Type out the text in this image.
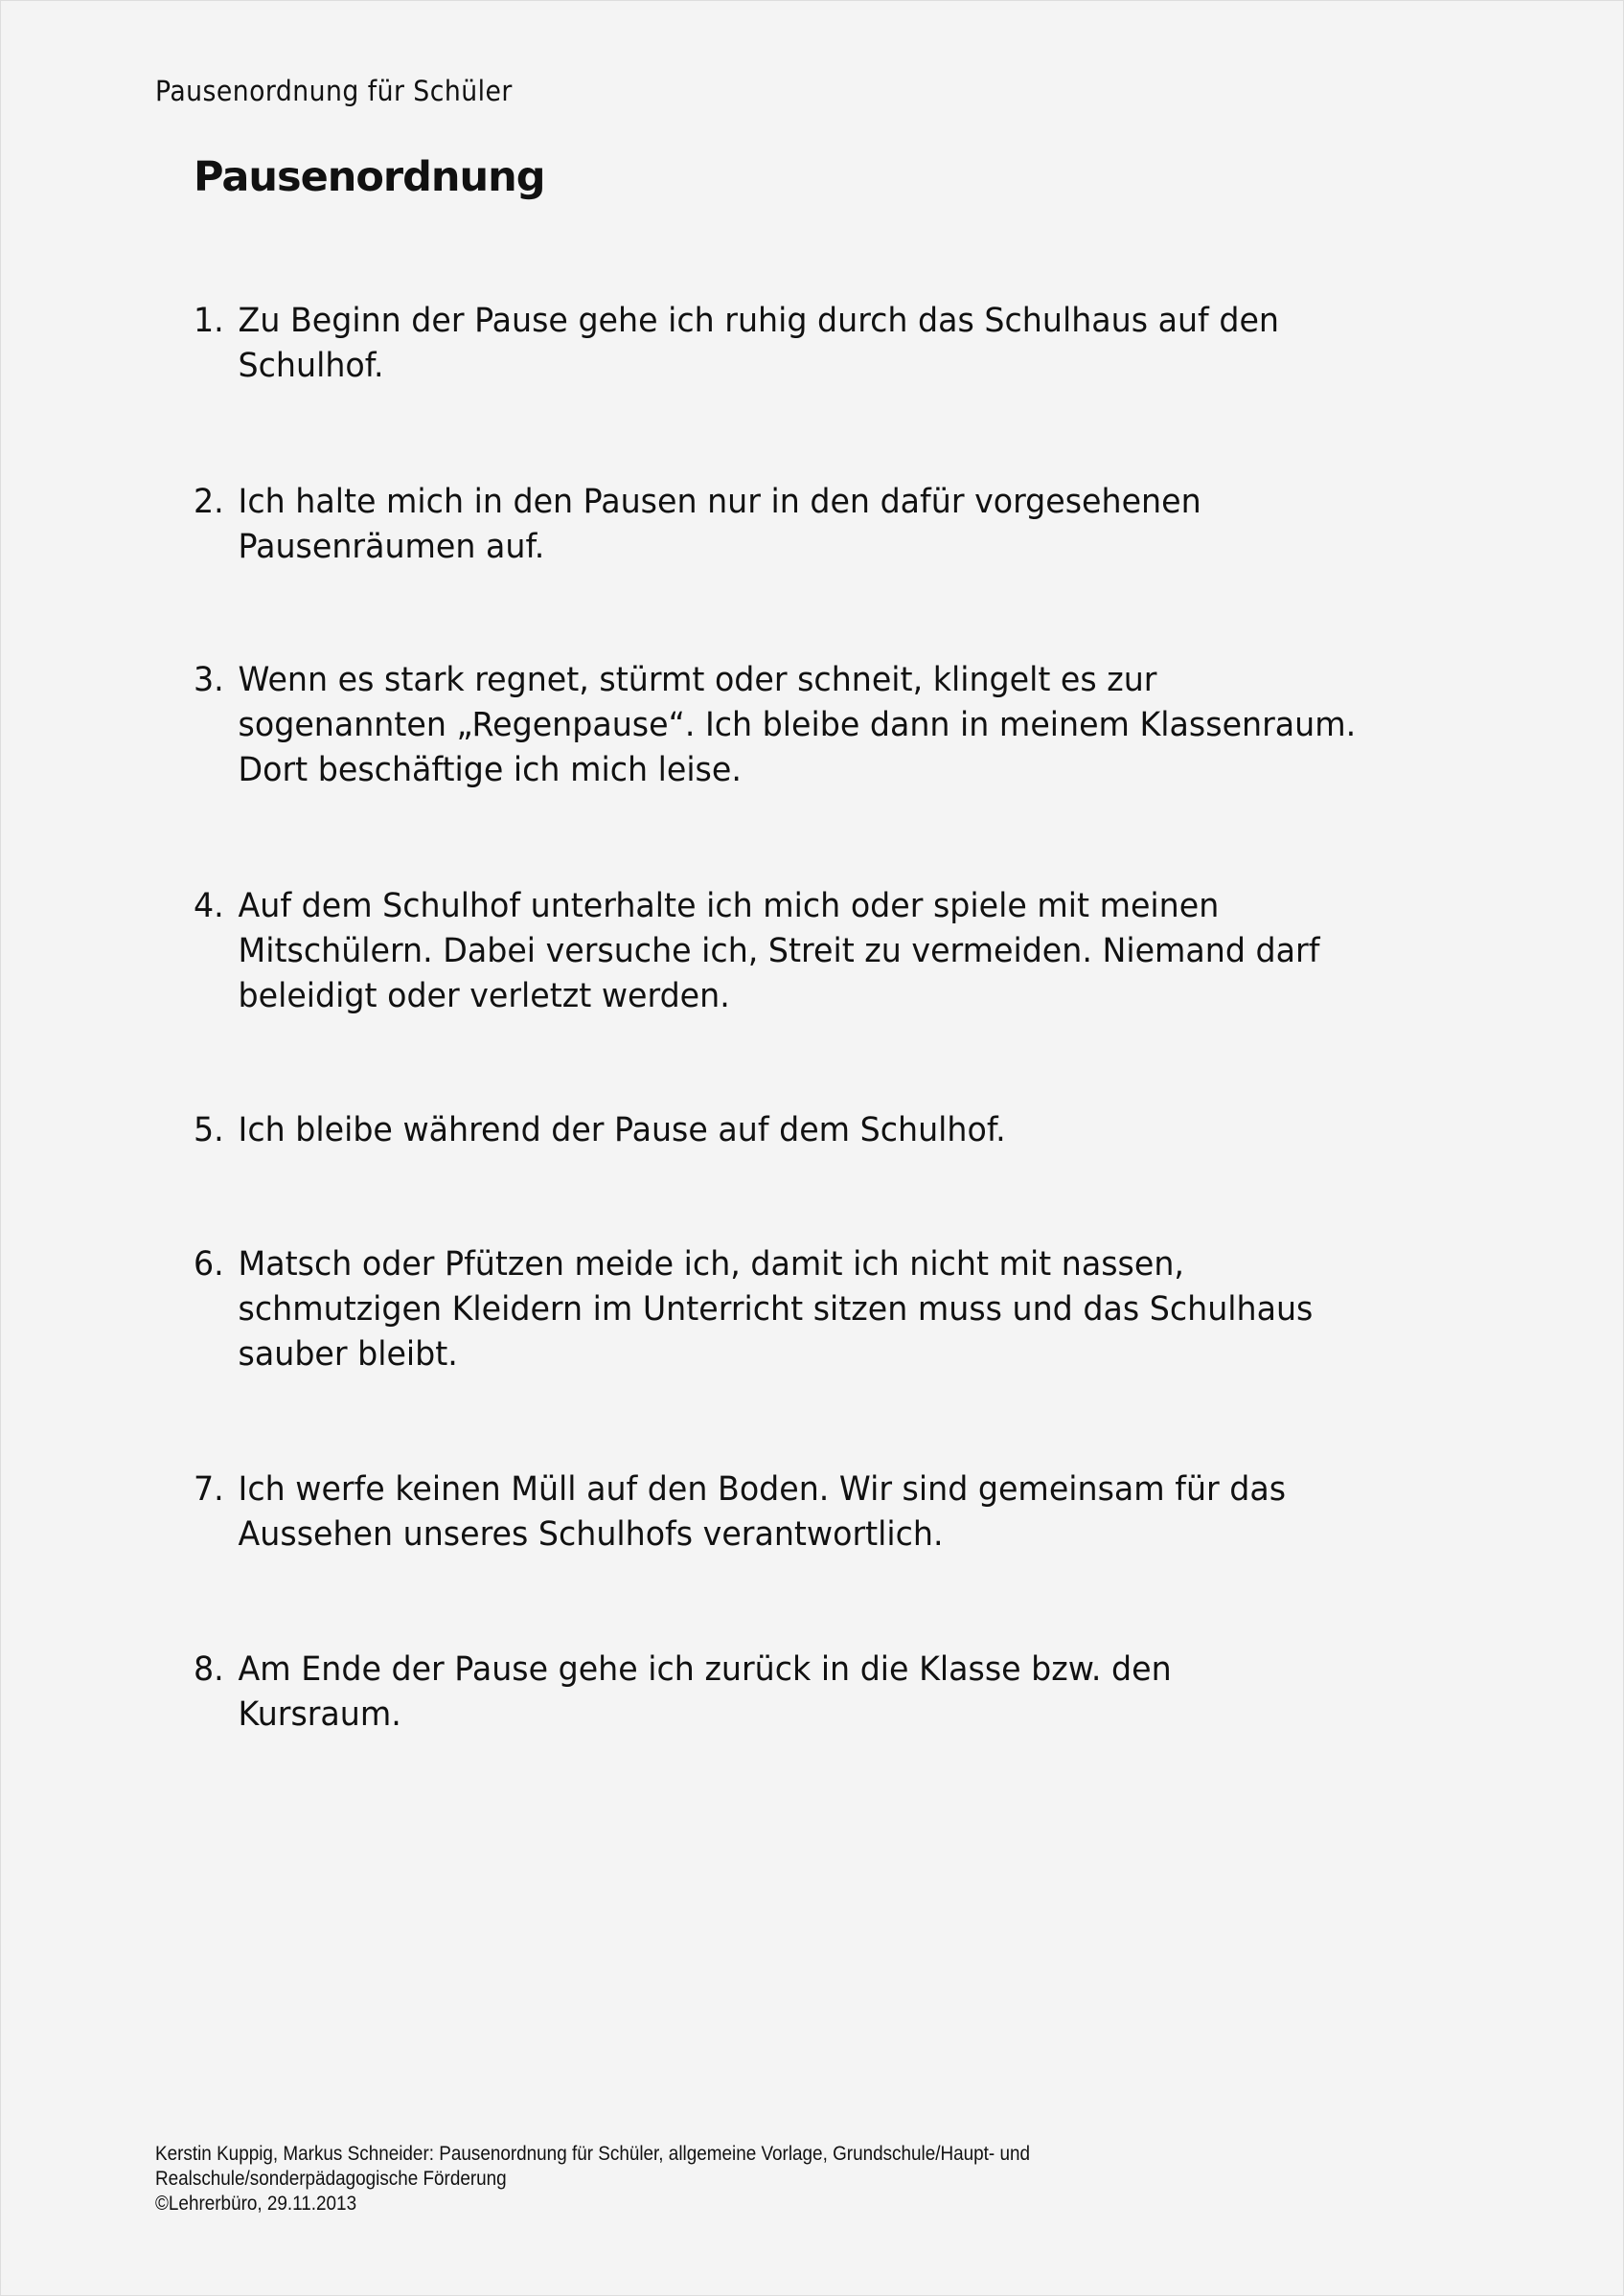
Pausenordnung für Schüler
Pausenordnung
1. Zu Beginn der Pause gehe ich ruhig durch das Schulhaus auf den
Schulhof.
2. Ich halte mich in den Pausen nur in den dafür vorgesehenen
Pausenräumen auf.
3. Wenn es stark regnet, stürmt oder schneit, klingelt es zur
sogenannten „Regenpause“. Ich bleibe dann in meinem Klassenraum.
Dort beschäftige ich mich leise.
4. Auf dem Schulhof unterhalte ich mich oder spiele mit meinen
Mitschülern. Dabei versuche ich, Streit zu vermeiden. Niemand darf
beleidigt oder verletzt werden.
5. Ich bleibe während der Pause auf dem Schulhof.
6. Matsch oder Pfützen meide ich, damit ich nicht mit nassen,
schmutzigen Kleidern im Unterricht sitzen muss und das Schulhaus
sauber bleibt.
7. Ich werfe keinen Müll auf den Boden. Wir sind gemeinsam für das
Aussehen unseres Schulhofs verantwortlich.
8. Am Ende der Pause gehe ich zurück in die Klasse bzw. den
Kursraum.
Kerstin Kuppig, Markus Schneider: Pausenordnung für Schüler, allgemeine Vorlage, Grundschule/Haupt- und
Realschule/sonderpädagogische Förderung
©Lehrerbüro, 29.11.2013
